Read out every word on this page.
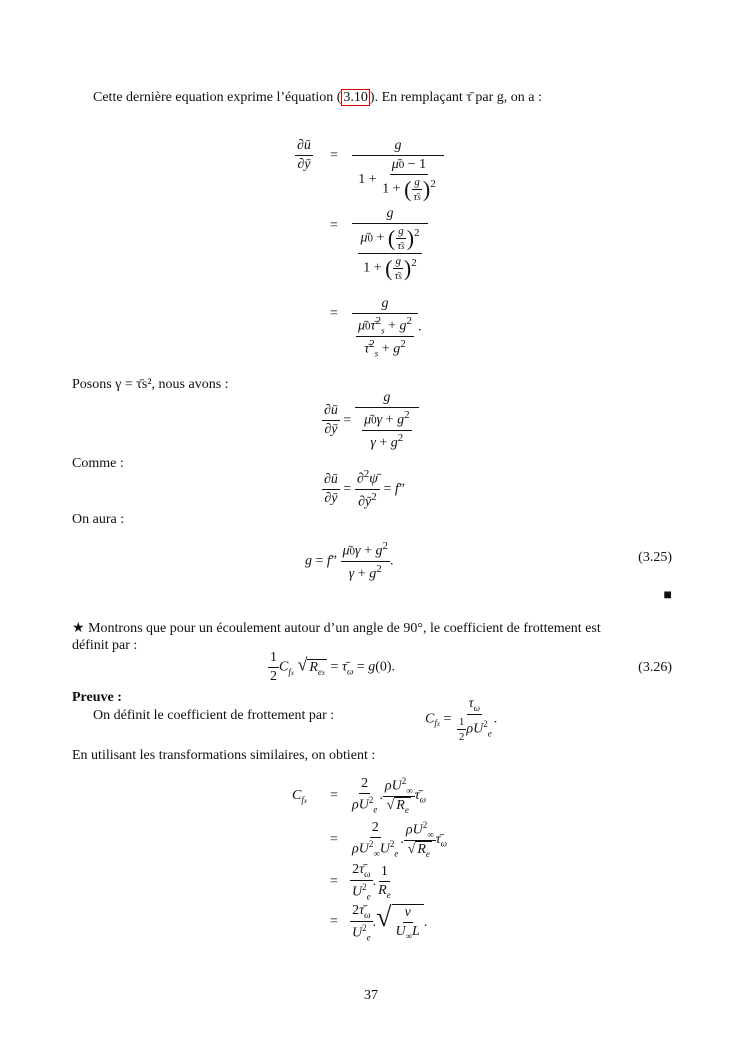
Cette dernière equation exprime l’équation ( 3.10 ). En remplaçant τ̄ par g, on a :
$\frac{\partial ū}{\partial ȳ} = \frac{g}{1 + \frac{\mū0 - 1}{1 + ( \frac{g}{\taūs} )^2}}$
= $\frac{g}{\frac{\mū0 + ( \frac{g}{\taūs} )^2}{1 + ( \frac{g}{\taūs} )^2}}$
= $\frac{g}{\frac{\mū0\taū^2_s + g^2}{\taū^2_s + g^2}}$ .
Posons γ = τ̄s², nous avons :
$\frac{\partial ū}{\partial ȳ} = \frac{g}{\frac{\mū0\gamma + g^2}{\gamma + g^2}}$
Comme :
$\frac{\partial ū}{\partial ȳ} = \frac{\partial^2\psī}{\partial ȳ^2} = f$”
On aura :
g = f” $\frac{\mū0\gamma + g^2}{\gamma + g^2}$ .	(3.25)
■
★ Montrons que pour un écoulement autour d’un angle de 90°, le coefficient de frottement est
définit par :
$\frac{1}{2} C_{fx}$ √ $R_{ex}$ = $\taū_\omega = g(0)$.	(3.26)
Preuve :
On définit le coefficient de frottement par :	$C_{fx} = \frac{\tau_\omega}{\frac{1}{2} \rho U^2_e}$ .
En utilisant les transformations similaires, on obtient :
$C_{fx} = \frac{2}{\rho U^2_e}$ . $\frac{\rho U^2_\infty}{√ R_e}$ $\taū_\omega$
= $\frac{2}{\rho U^2_\infty U^2_e}$ . $\frac{\rho U^2_\infty}{√ R_e}$ $\taū_\omega$
= $\frac{2\taū_\omega}{U^2_e}$ . $\frac{1}{R_e}$
= $\frac{2\taū_\omega}{U^2_e}$ .√ $\frac{\nu}{U_\infty L}$ .
37
